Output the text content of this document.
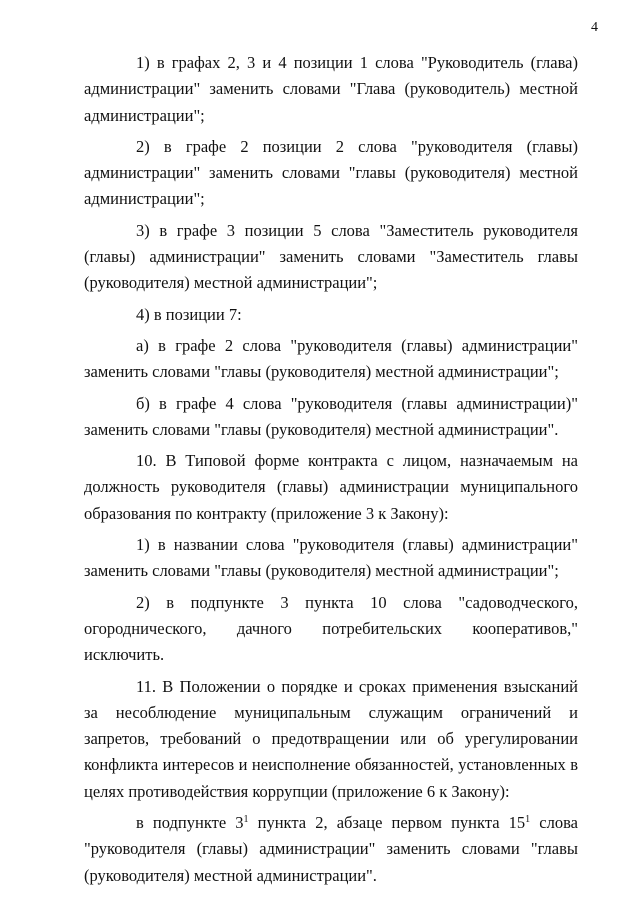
4

1) в графах 2, 3 и 4 позиции 1 слова "Руководитель (глава) администрации" заменить словами "Глава (руководитель) местной администрации";

2) в графе 2 позиции 2 слова "руководителя (главы) администрации" заменить словами "главы (руководителя) местной администрации";

3) в графе 3 позиции 5 слова "Заместитель руководителя (главы) администрации" заменить словами "Заместитель главы (руководителя) местной администрации";

4) в позиции 7:

а) в графе 2 слова "руководителя (главы) администрации" заменить словами "главы (руководителя) местной администрации";

б) в графе 4 слова "руководителя (главы администрации)" заменить словами "главы (руководителя) местной администрации".

10. В Типовой форме контракта с лицом, назначаемым на должность руководителя (главы) администрации муниципального образования по контракту (приложение 3 к Закону):

1) в названии слова "руководителя (главы) администрации" заменить словами "главы (руководителя) местной администрации";

2) в подпункте 3 пункта 10 слова "садоводческого, огороднического, дачного потребительских кооперативов," исключить.

11. В Положении о порядке и сроках применения взысканий за несоблюдение муниципальным служащим ограничений и запретов, требований о предотвращении или об урегулировании конфликта интересов и неисполнение обязанностей, установленных в целях противодействия коррупции (приложение 6 к Закону):

в подпункте $3^1$ пункта 2, абзаце первом пункта $15^1$ слова "руководителя (главы) администрации" заменить словами "главы (руководителя) местной администрации".
